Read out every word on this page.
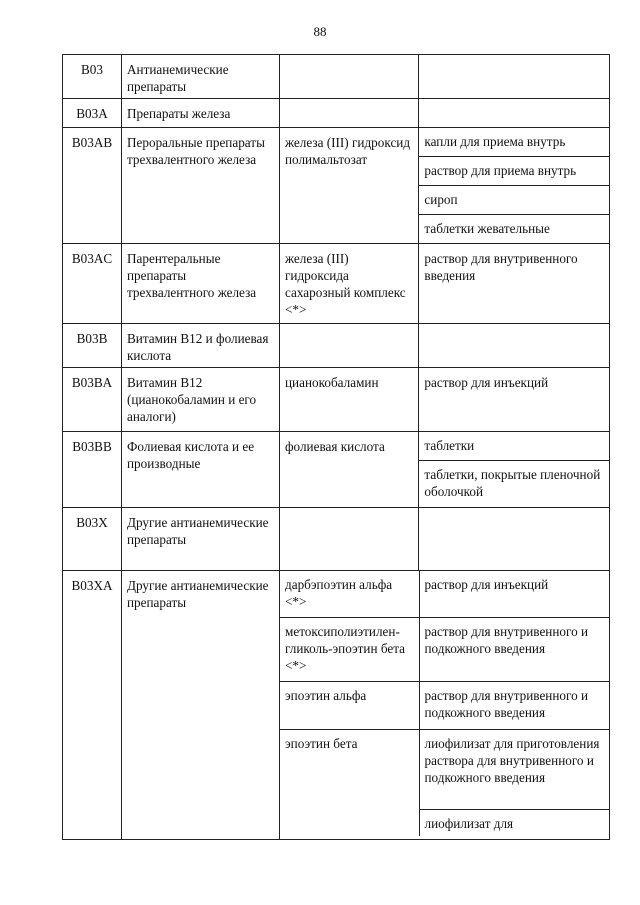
88
B03	Антианемические препараты		
B03A	Препараты железа		
B03AB	Пероральные препараты трехвалентного железа	железа (III) гидроксид полимальтозат	
капли для приема внутрь
раствор для приема внутрь
сироп
таблетки жевательные

B03AC	Парентеральные препараты трехвалентного железа	железа (III) гидроксида сахарозный комплекс <*>	раствор для внутривенного введения
B03B	Витамин B12 и фолиевая кислота		
B03BA	Витамин B12 (цианокобаламин и его аналоги)	цианокобаламин	раствор для инъекций
B03BB	Фолиевая кислота и ее производные	фолиевая кислота	таблетки
таблетки, покрытые пленочной оболочкой

B03X	Другие антианемические препараты		
B03XA	Другие антианемические препараты	
дарбэпоэтин альфа <*>	раствор для инъекций
метоксиполиэтилен-гликоль-эпоэтин бета <*>	раствор для внутривенного и подкожного введения
эпоэтин альфа	раствор для внутривенного и подкожного введения
эпоэтин бета	лиофилизат для приготовления раствора для внутривенного и подкожного введения
лиофилизат для
